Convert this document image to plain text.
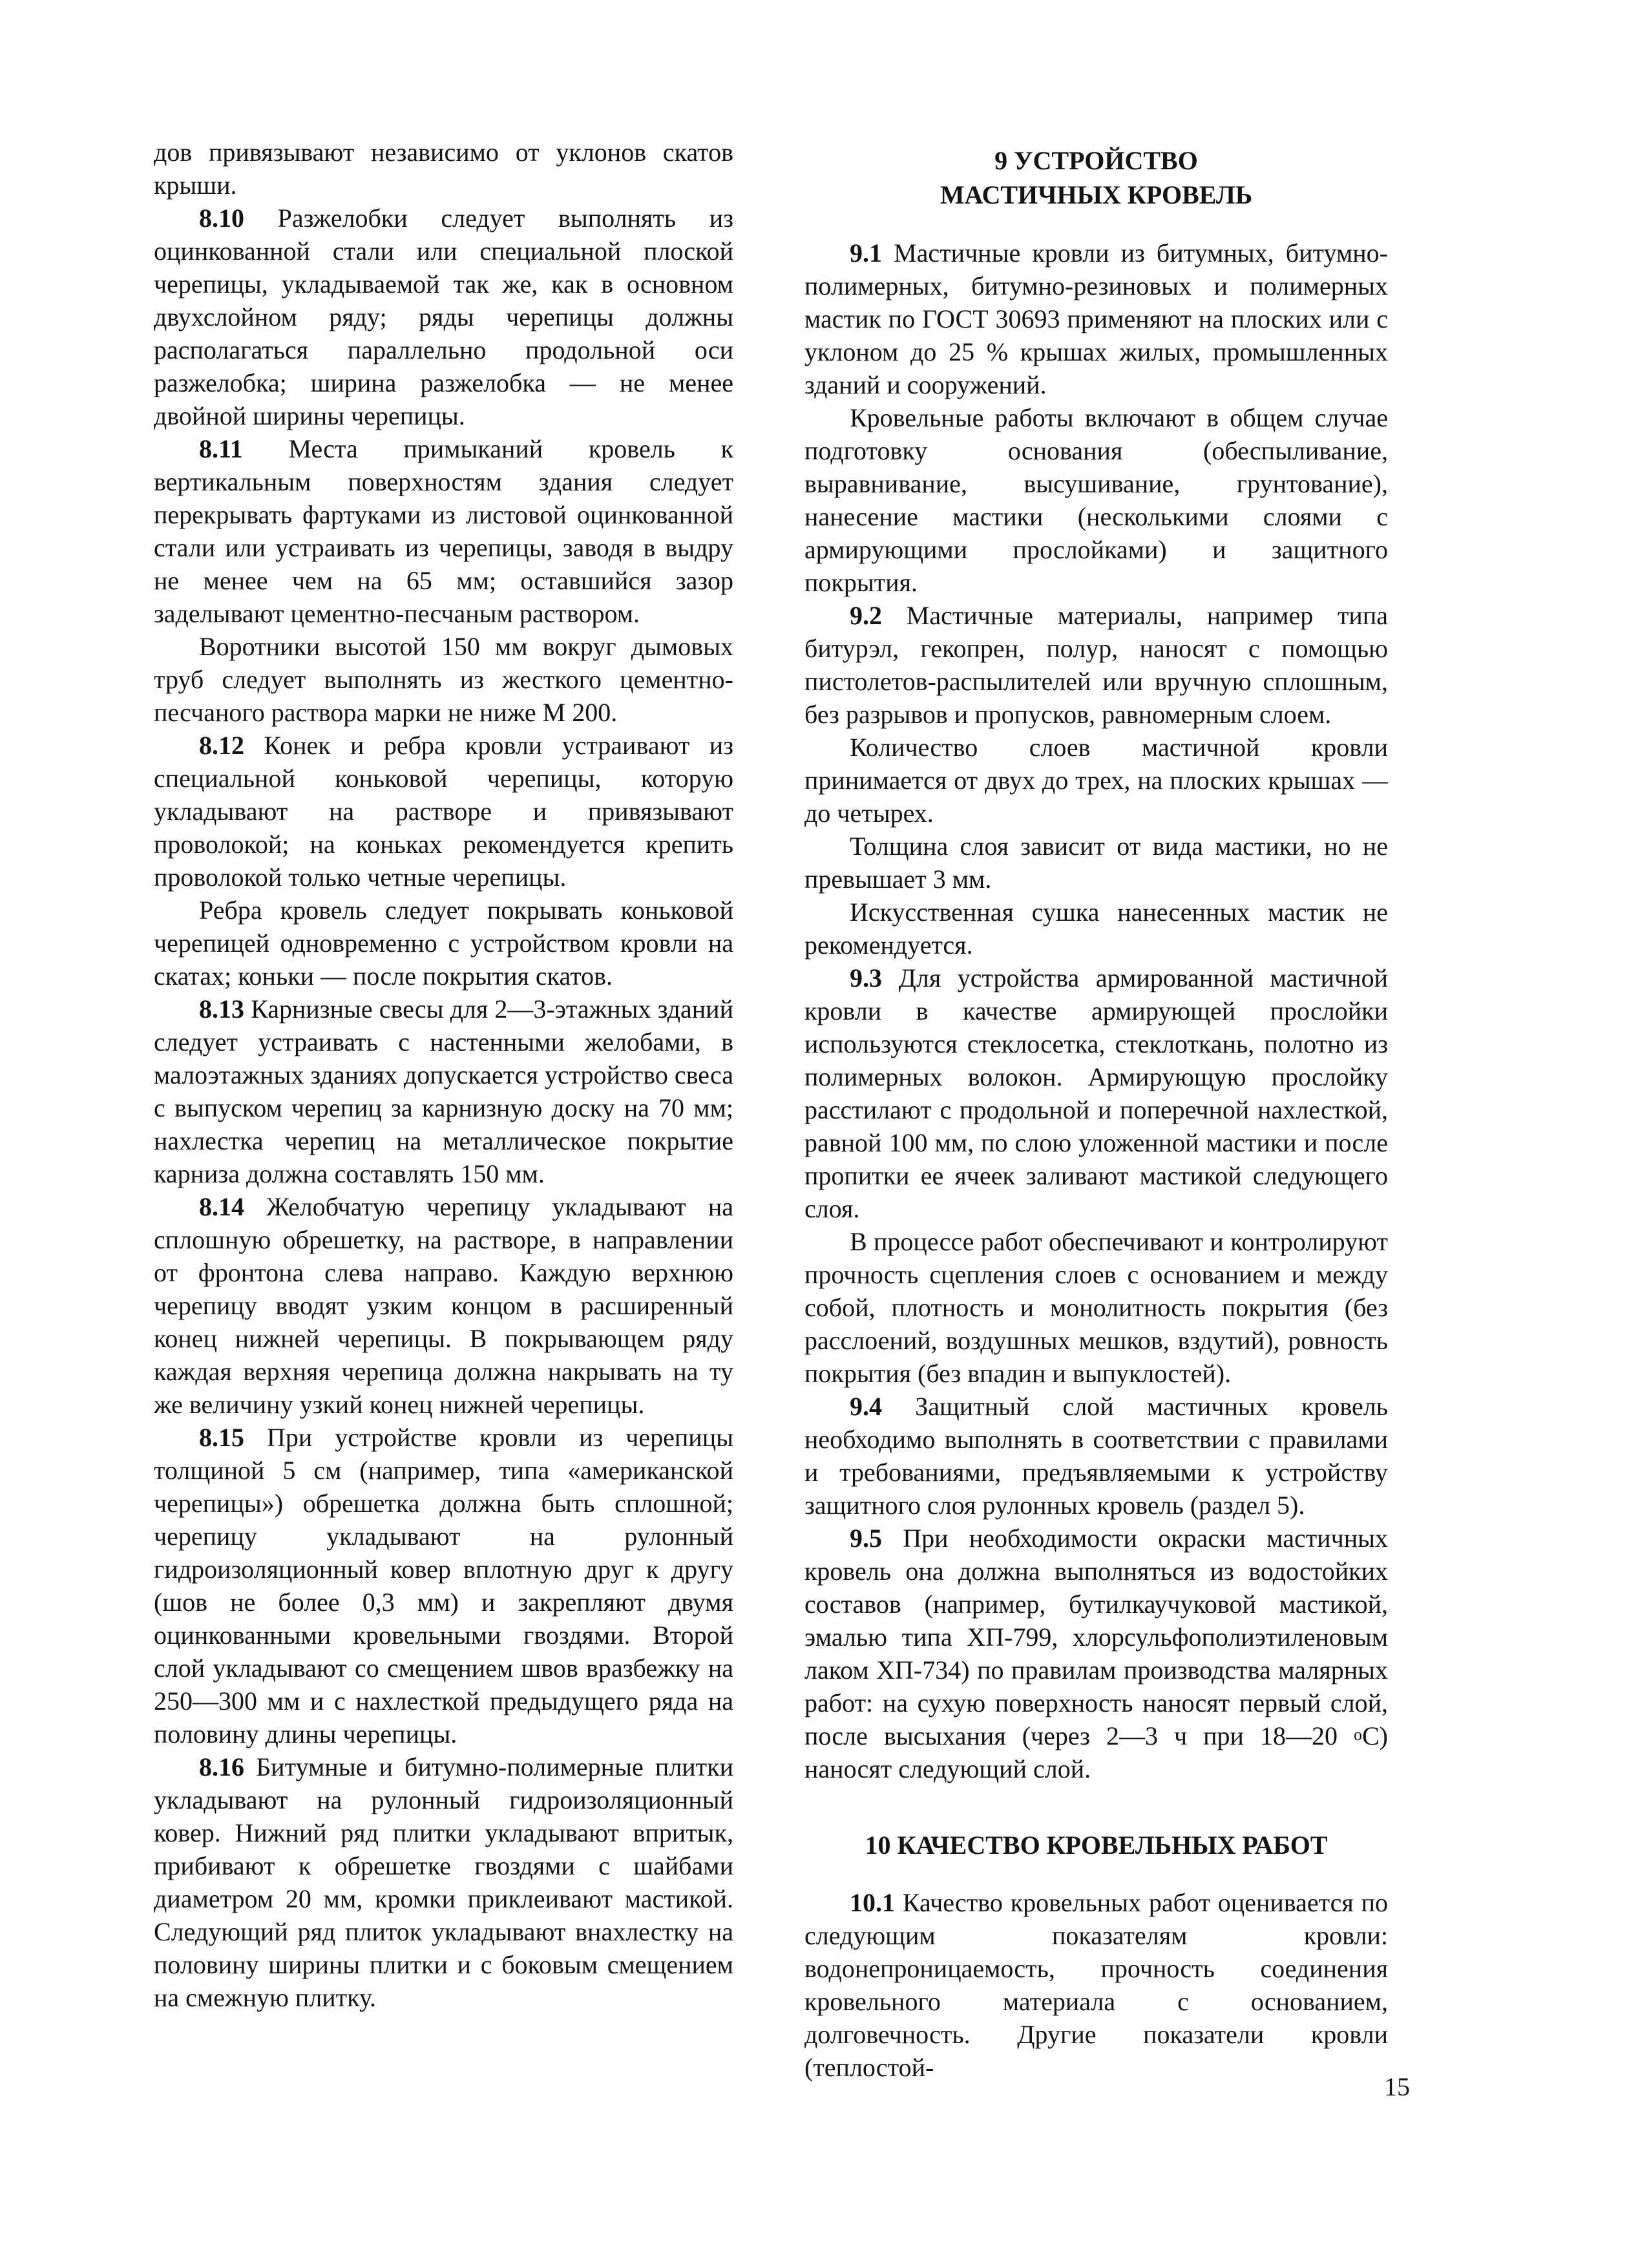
дов привязывают независимо от уклонов скатов крыши.

8.10 Разжелобки следует выполнять из оцинкованной стали или специальной плоской черепицы, укладываемой так же, как в основном двухслойном ряду; ряды черепицы должны располагаться параллельно продольной оси разжелобка; ширина разжелобка — не менее двойной ширины черепицы.

8.11 Места примыканий кровель к вертикальным поверхностям здания следует перекрывать фартуками из листовой оцинкованной стали или устраивать из черепицы, заводя в выдру не менее чем на 65 мм; оставшийся зазор заделывают цементно-песчаным раствором.

Воротники высотой 150 мм вокруг дымовых труб следует выполнять из жесткого цементно-песчаного раствора марки не ниже М 200.

8.12 Конек и ребра кровли устраивают из специальной коньковой черепицы, которую укладывают на растворе и привязывают проволокой; на коньках рекомендуется крепить проволокой только четные черепицы.

Ребра кровель следует покрывать коньковой черепицей одновременно с устройством кровли на скатах; коньки — после покрытия скатов.

8.13 Карнизные свесы для 2—3-этажных зданий следует устраивать с настенными желобами, в малоэтажных зданиях допускается устройство свеса с выпуском черепиц за карнизную доску на 70 мм; нахлестка черепиц на металлическое покрытие карниза должна составлять 150 мм.

8.14 Желобчатую черепицу укладывают на сплошную обрешетку, на растворе, в направлении от фронтона слева направо. Каждую верхнюю черепицу вводят узким концом в расширенный конец нижней черепицы. В покрывающем ряду каждая верхняя черепица должна накрывать на ту же величину узкий конец нижней черепицы.

8.15 При устройстве кровли из черепицы толщиной 5 см (например, типа «американской черепицы») обрешетка должна быть сплошной; черепицу укладывают на рулонный гидроизоляционный ковер вплотную друг к другу (шов не более 0,3 мм) и закрепляют двумя оцинкованными кровельными гвоздями. Второй слой укладывают со смещением швов вразбежку на 250—300 мм и с нахлесткой предыдущего ряда на половину длины черепицы.

8.16 Битумные и битумно-полимерные плитки укладывают на рулонный гидроизоляционный ковер. Нижний ряд плитки укладывают впритык, прибивают к обрешетке гвоздями с шайбами диаметром 20 мм, кромки приклеивают мастикой. Следующий ряд плиток укладывают внахлестку на половину ширины плитки и с боковым смещением на смежную плитку.

9 УСТРОЙСТВО
МАСТИЧНЫХ КРОВЕЛЬ

9.1 Мастичные кровли из битумных, битумно-полимерных, битумно-резиновых и полимерных мастик по ГОСТ 30693 применяют на плоских или с уклоном до 25 % крышах жилых, промышленных зданий и сооружений.

Кровельные работы включают в общем случае подготовку основания (обеспыливание, выравнивание, высушивание, грунтование), нанесение мастики (несколькими слоями с армирующими прослойками) и защитного покрытия.

9.2 Мастичные материалы, например типа битурэл, гекопрен, полур, наносят с помощью пистолетов-распылителей или вручную сплошным, без разрывов и пропусков, равномерным слоем.

Количество слоев мастичной кровли принимается от двух до трех, на плоских крышах — до четырех.

Толщина слоя зависит от вида мастики, но не превышает 3 мм.

Искусственная сушка нанесенных мастик не рекомендуется.

9.3 Для устройства армированной мастичной кровли в качестве армирующей прослойки используются стеклосетка, стеклоткань, полотно из полимерных волокон. Армирующую прослойку расстилают с продольной и поперечной нахлесткой, равной 100 мм, по слою уложенной мастики и после пропитки ее ячеек заливают мастикой следующего слоя.

В процессе работ обеспечивают и контролируют прочность сцепления слоев с основанием и между собой, плотность и монолитность покрытия (без расслоений, воздушных мешков, вздутий), ровность покрытия (без впадин и выпуклостей).

9.4 Защитный слой мастичных кровель необходимо выполнять в соответствии с правилами и требованиями, предъявляемыми к устройству защитного слоя рулонных кровель (раздел 5).

9.5 При необходимости окраски мастичных кровель она должна выполняться из водостойких составов (например, бутилкаучуковой мастикой, эмалью типа ХП-799, хлорсульфополиэтиленовым лаком ХП-734) по правилам производства малярных работ: на сухую поверхность наносят первый слой, после высыхания (через 2—3 ч при 18—20 $^o$С) наносят следующий слой.

10 КАЧЕСТВО КРОВЕЛЬНЫХ РАБОТ

10.1 Качество кровельных работ оценивается по следующим показателям кровли: водонепроницаемость, прочность соединения кровельного материала с основанием, долговечность. Другие показатели кровли (теплостой-

15
